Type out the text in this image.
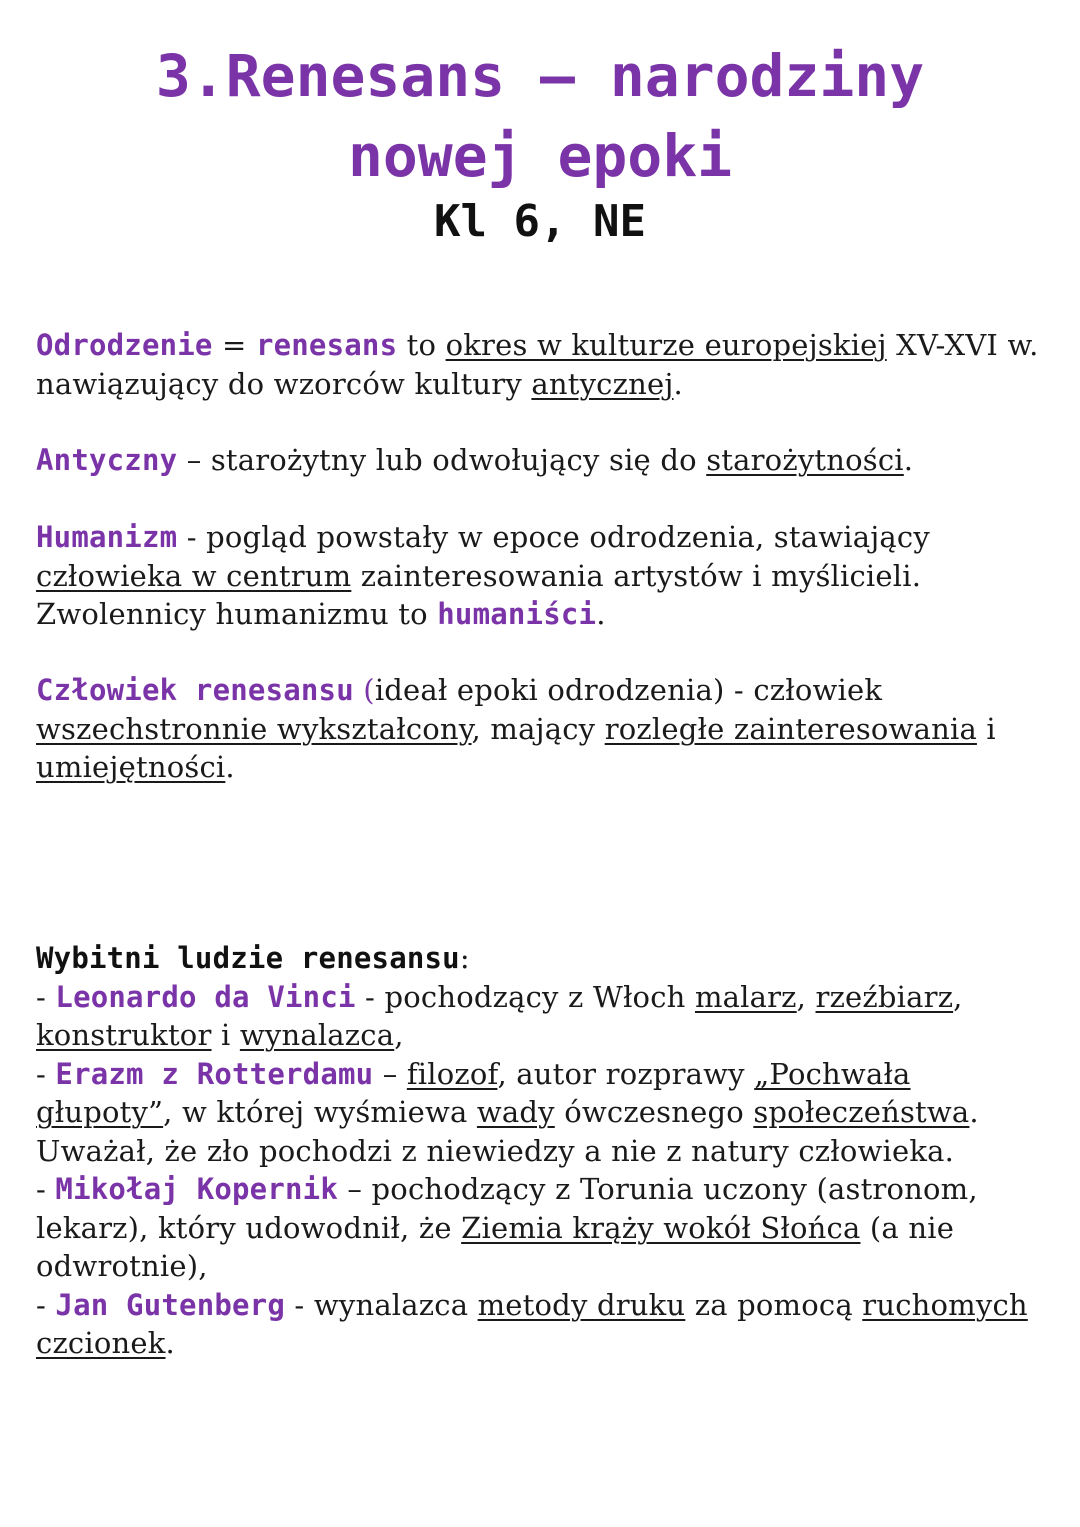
3.Renesans – narodziny
nowej epoki
Kl 6, NE

Odrodzenie = renesans to okres w kulturze europejskiej XV-XVI w. nawiązujący do wzorców kultury antycznej.

Antyczny – starożytny lub odwołujący się do starożytności.

Humanizm - pogląd powstały w epoce odrodzenia, stawiający człowieka w centrum zainteresowania artystów i myślicieli. Zwolennicy humanizmu to humaniści.

Człowiek renesansu (ideał epoki odrodzenia) - człowiek wszechstronnie wykształcony, mający rozległe zainteresowania i umiejętności.

Wybitni ludzie renesansu:
- Leonardo da Vinci - pochodzący z Włoch malarz, rzeźbiarz, konstruktor i wynalazca,
- Erazm z Rotterdamu – filozof, autor rozprawy „Pochwała głupoty”, w której wyśmiewa wady ówczesnego społeczeństwa. Uważał, że zło pochodzi z niewiedzy a nie z natury człowieka.
- Mikołaj Kopernik – pochodzący z Torunia uczony (astronom, lekarz), który udowodnił, że Ziemia krąży wokół Słońca (a nie odwrotnie),
- Jan Gutenberg - wynalazca metody druku za pomocą ruchomych czcionek.
